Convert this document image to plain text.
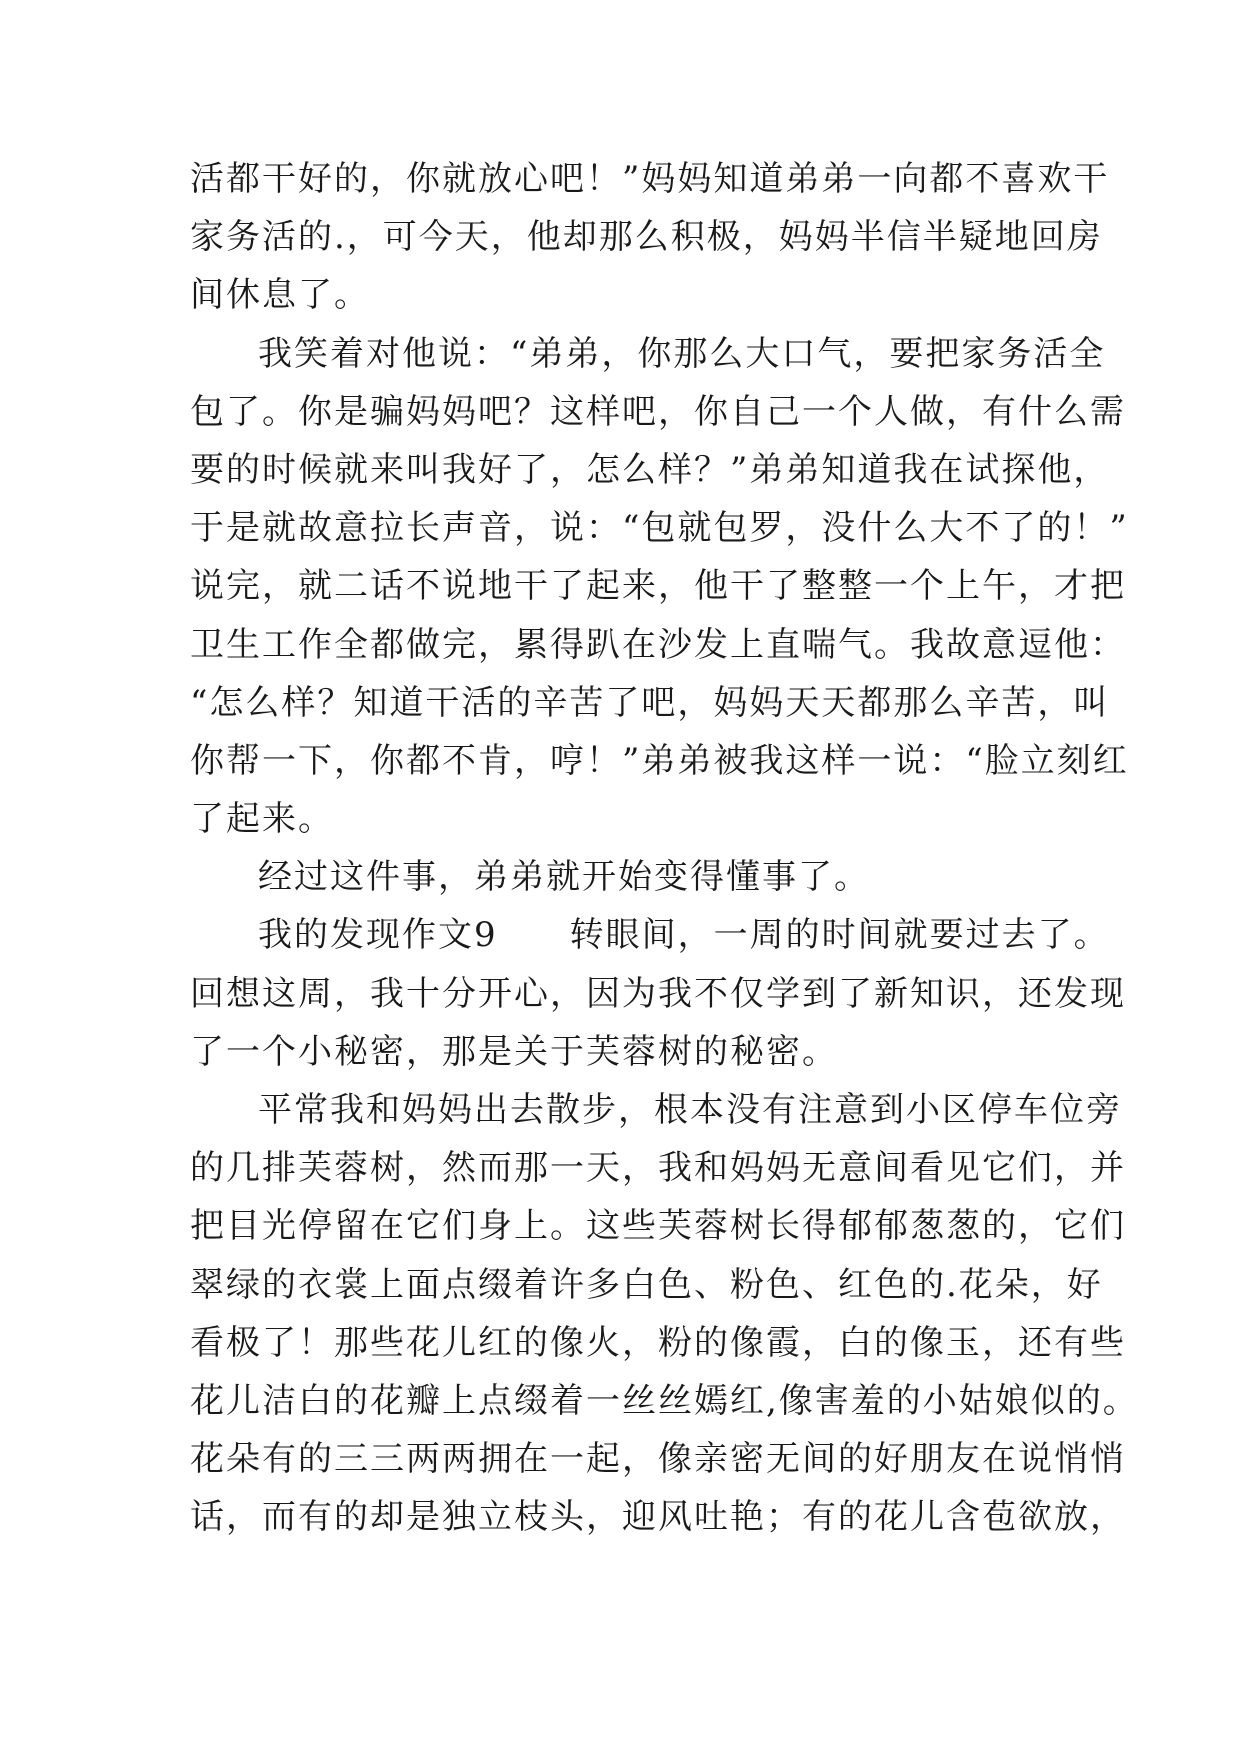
活都干好的，你就放心吧！”妈妈知道弟弟一向都不喜欢干
家务活的.，可今天，他却那么积极，妈妈半信半疑地回房
间休息了。
我笑着对他说：“弟弟，你那么大口气，要把家务活全
包了。你是骗妈妈吧？这样吧，你自己一个人做，有什么需
要的时候就来叫我好了，怎么样？”弟弟知道我在试探他，
于是就故意拉长声音，说：“包就包罗，没什么大不了的！”
说完，就二话不说地干了起来，他干了整整一个上午，才把
卫生工作全都做完，累得趴在沙发上直喘气。我故意逗他：
“怎么样？知道干活的辛苦了吧，妈妈天天都那么辛苦，叫
你帮一下，你都不肯，哼！”弟弟被我这样一说：“脸立刻红
了起来。
经过这件事，弟弟就开始变得懂事了。
我的发现作文9　　转眼间，一周的时间就要过去了。
回想这周，我十分开心，因为我不仅学到了新知识，还发现
了一个小秘密，那是关于芙蓉树的秘密。
平常我和妈妈出去散步，根本没有注意到小区停车位旁
的几排芙蓉树，然而那一天，我和妈妈无意间看见它们，并
把目光停留在它们身上。这些芙蓉树长得郁郁葱葱的，它们
翠绿的衣裳上面点缀着许多白色、粉色、红色的.花朵，好
看极了！那些花儿红的像火，粉的像霞，白的像玉，还有些
花儿洁白的花瓣上点缀着一丝丝嫣红,像害羞的小姑娘似的。
花朵有的三三两两拥在一起，像亲密无间的好朋友在说悄悄
话，而有的却是独立枝头，迎风吐艳；有的花儿含苞欲放，
